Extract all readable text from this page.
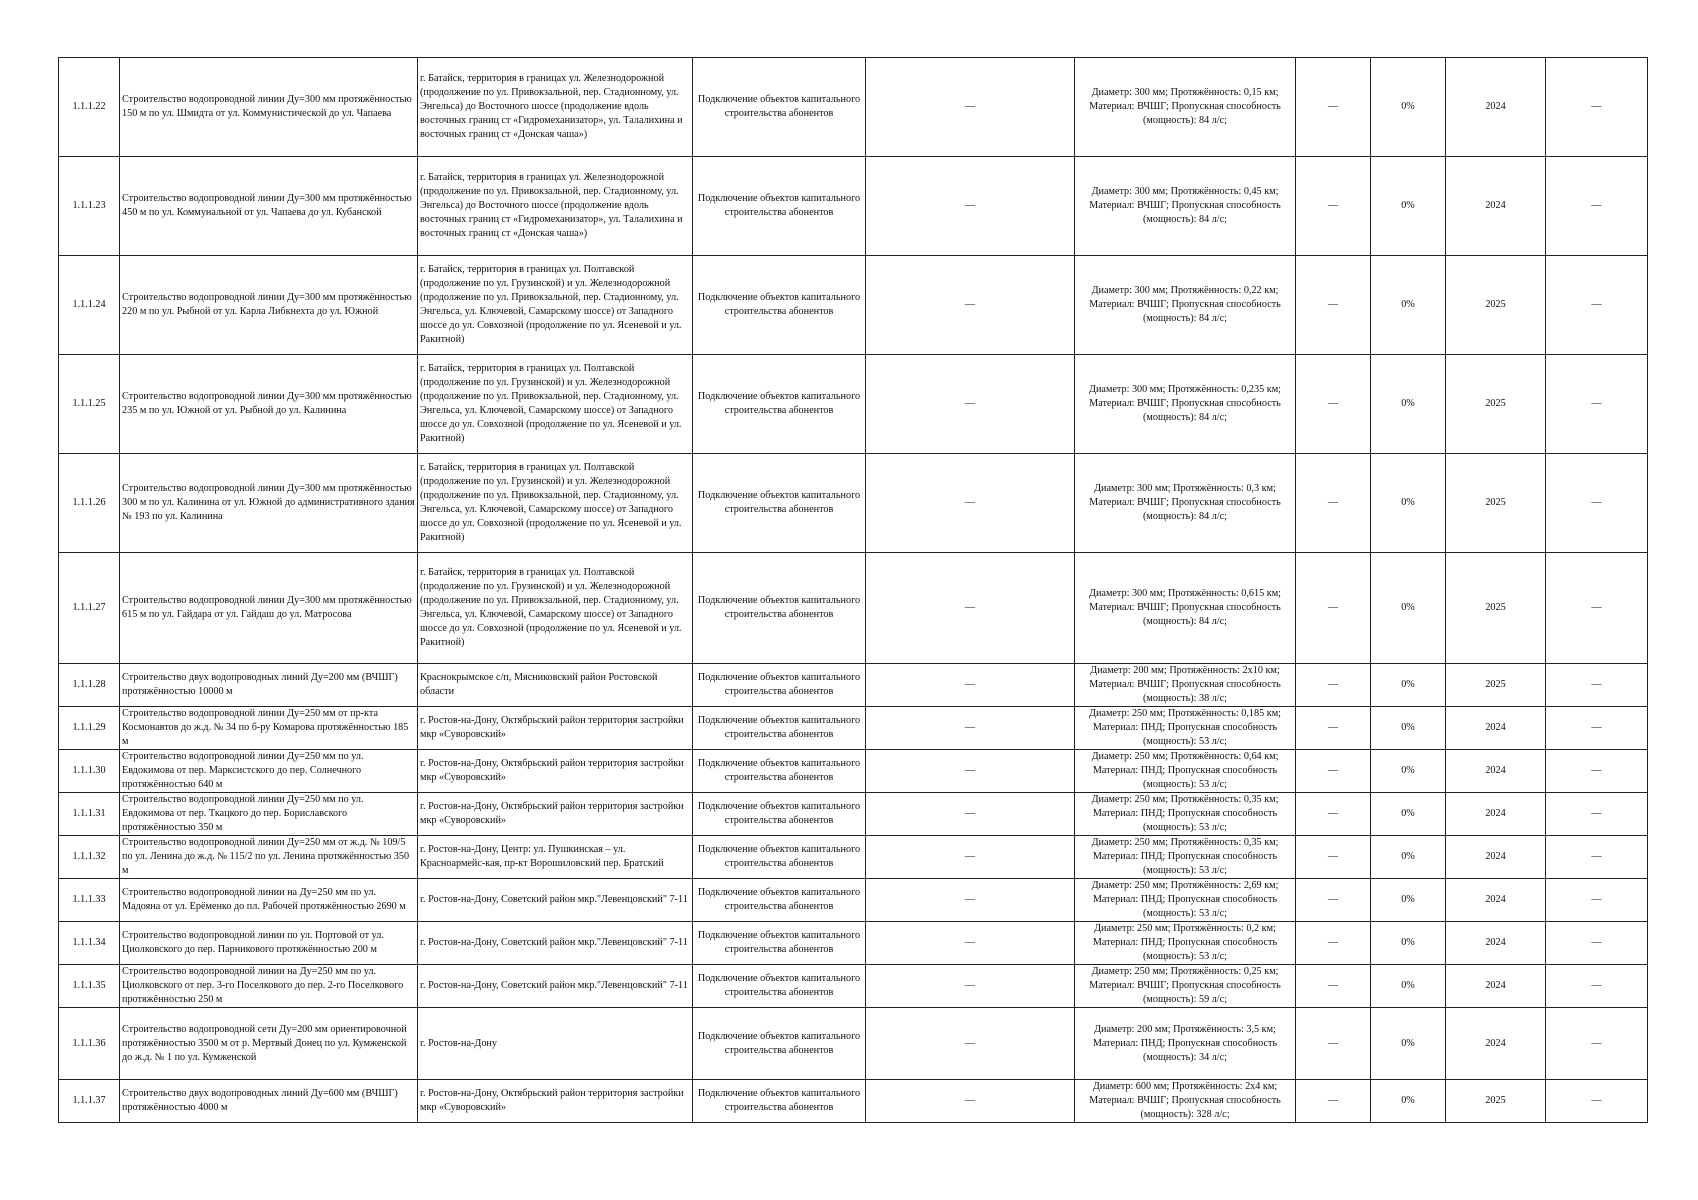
1.1.1.22	Строительство водопроводной линии Ду=300 мм протяжённостью 150 м по ул. Шмидта от ул. Коммунистической до ул. Чапаева	г. Батайск, территория в границах ул. Железнодорожной (продолжение по ул. Привокзальной, пер. Стадионному, ул. Энгельса) до Восточного шоссе (продолжение вдоль восточных границ ст «Гидромеханизатор», ул. Талалихина и восточных границ ст «Донская чаша»)	Подключение объектов капитального строительства абонентов	—	Диаметр: 300 мм; Протяжённость: 0,15 км; Материал: ВЧШГ; Пропускная способность (мощность): 84 л/с;	—	0%	2024	—

1.1.1.23	Строительство водопроводной линии Ду=300 мм протяжённостью 450 м по ул. Коммунальной от ул. Чапаева до ул. Кубанской	г. Батайск, территория в границах ул. Железнодорожной (продолжение по ул. Привокзальной, пер. Стадионному, ул. Энгельса) до Восточного шоссе (продолжение вдоль восточных границ ст «Гидромеханизатор», ул. Талалихина и восточных границ ст «Донская чаша»)	Подключение объектов капитального строительства абонентов	—	Диаметр: 300 мм; Протяжённость: 0,45 км; Материал: ВЧШГ; Пропускная способность (мощность): 84 л/с;	—	0%	2024	—

1.1.1.24	Строительство водопроводной линии Ду=300 мм протяжённостью 220 м по ул. Рыбной от ул. Карла Либкнехта до ул. Южной	г. Батайск, территория в границах ул. Полтавской (продолжение по ул. Грузинской) и ул. Железнодорожной (продолжение по ул. Привокзальной, пер. Стадионному, ул. Энгельса, ул. Ключевой, Самарскому шоссе) от Западного шоссе до ул. Совхозной (продолжение по ул. Ясеневой и ул. Ракитной)	Подключение объектов капитального строительства абонентов	—	Диаметр: 300 мм; Протяжённость: 0,22 км; Материал: ВЧШГ; Пропускная способность (мощность): 84 л/с;	—	0%	2025	—

1.1.1.25	Строительство водопроводной линии Ду=300 мм протяжённостью 235 м по ул. Южной от ул. Рыбной до ул. Калинина	г. Батайск, территория в границах ул. Полтавской (продолжение по ул. Грузинской) и ул. Железнодорожной (продолжение по ул. Привокзальной, пер. Стадионному, ул. Энгельса, ул. Ключевой, Самарскому шоссе) от Западного шоссе до ул. Совхозной (продолжение по ул. Ясеневой и ул. Ракитной)	Подключение объектов капитального строительства абонентов	—	Диаметр: 300 мм; Протяжённость: 0,235 км; Материал: ВЧШГ; Пропускная способность (мощность): 84 л/с;	—	0%	2025	—

1.1.1.26	Строительство водопроводной линии Ду=300 мм протяжённостью 300 м по ул. Калинина от ул. Южной до административного здания № 193 по ул. Калинина	г. Батайск, территория в границах ул. Полтавской (продолжение по ул. Грузинской) и ул. Железнодорожной (продолжение по ул. Привокзальной, пер. Стадионному, ул. Энгельса, ул. Ключевой, Самарскому шоссе) от Западного шоссе до ул. Совхозной (продолжение по ул. Ясеневой и ул. Ракитной)	Подключение объектов капитального строительства абонентов	—	Диаметр: 300 мм; Протяжённость: 0,3 км; Материал: ВЧШГ; Пропускная способность (мощность): 84 л/с;	—	0%	2025	—

1.1.1.27	Строительство водопроводной линии Ду=300 мм протяжённостью 615 м по ул. Гайдара от ул. Гайдаш до ул. Матросова	г. Батайск, территория в границах ул. Полтавской (продолжение по ул. Грузинской) и ул. Железнодорожной (продолжение по ул. Привокзальной, пер. Стадионному, ул. Энгельса, ул. Ключевой, Самарскому шоссе) от Западного шоссе до ул. Совхозной (продолжение по ул. Ясеневой и ул. Ракитной)	Подключение объектов капитального строительства абонентов	—	Диаметр: 300 мм; Протяжённость: 0,615 км; Материал: ВЧШГ; Пропускная способность (мощность): 84 л/с;	—	0%	2025	—

1.1.1.28	Строительство двух водопроводных линий Ду=200 мм (ВЧШГ) протяжённостью 10000 м	Краснокрымское с/п, Мясниковский район Ростовской области	Подключение объектов капитального строительства абонентов	—	Диаметр: 200 мм; Протяжённость: 2х10 км; Материал: ВЧШГ; Пропускная способность (мощность): 38 л/с;	—	0%	2025	—

1.1.1.29	Строительство водопроводной линии Ду=250 мм от пр-кта Космонавтов до ж.д. № 34 по б-ру Комарова протяжённостью 185 м	г. Ростов-на-Дону, Октябрьский район территория застройки мкр «Суворовский»	Подключение объектов капитального строительства абонентов	—	Диаметр: 250 мм; Протяжённость: 0,185 км; Материал: ПНД; Пропускная способность (мощность): 53 л/с;	—	0%	2024	—

1.1.1.30	Строительство водопроводной линии Ду=250 мм по ул. Евдокимова от пер. Марксистского до пер. Солнечного протяжённостью 640 м	г. Ростов-на-Дону, Октябрьский район территория застройки мкр «Суворовский»	Подключение объектов капитального строительства абонентов	—	Диаметр: 250 мм; Протяжённость: 0,64 км; Материал: ПНД; Пропускная способность (мощность): 53 л/с;	—	0%	2024	—

1.1.1.31	Строительство водопроводной линии Ду=250 мм по ул. Евдокимова от пер. Ткацкого до пер. Бориславского протяжённостью 350 м	г. Ростов-на-Дону, Октябрьский район территория застройки мкр «Суворовский»	Подключение объектов капитального строительства абонентов	—	Диаметр: 250 мм; Протяжённость: 0,35 км; Материал: ПНД; Пропускная способность (мощность): 53 л/с;	—	0%	2024	—

1.1.1.32	Строительство водопроводной линии Ду=250 мм от ж.д. № 109/5 по ул. Ленина до ж.д. № 115/2 по ул. Ленина протяжённостью 350 м	г. Ростов-на-Дону, Центр: ул. Пушкинская – ул. Красноармейс-кая, пр-кт Ворошиловский пер. Братский	Подключение объектов капитального строительства абонентов	—	Диаметр: 250 мм; Протяжённость: 0,35 км; Материал: ПНД; Пропускная способность (мощность): 53 л/с;	—	0%	2024	—

1.1.1.33	Строительство водопроводной линии на Ду=250 мм по ул. Мадояна от ул. Ерёменко до пл. Рабочей протяжённостью 2690 м	г. Ростов-на-Дону, Советский район мкр."Левенцовский" 7-11	Подключение объектов капитального строительства абонентов	—	Диаметр: 250 мм; Протяжённость: 2,69 км; Материал: ПНД; Пропускная способность (мощность): 53 л/с;	—	0%	2024	—

1.1.1.34	Строительство водопроводной линии по ул. Портовой от ул. Циолковского до пер. Парникового протяжённостью 200 м	г. Ростов-на-Дону, Советский район мкр."Левенцовский" 7-11	Подключение объектов капитального строительства абонентов	—	Диаметр: 250 мм; Протяжённость: 0,2 км; Материал: ПНД; Пропускная способность (мощность): 53 л/с;	—	0%	2024	—

1.1.1.35	Строительство водопроводной линии на Ду=250 мм по ул. Циолковского от пер. 3-го Поселкового до пер. 2-го Поселкового протяжённостью 250 м	г. Ростов-на-Дону, Советский район мкр."Левенцовский" 7-11	Подключение объектов капитального строительства абонентов	—	Диаметр: 250 мм; Протяжённость: 0,25 км; Материал: ВЧШГ; Пропускная способность (мощность): 59 л/с;	—	0%	2024	—

1.1.1.36	Строительство водопроводной сети Ду=200 мм ориентировочной протяжённостью 3500 м от р. Мертвый Донец по ул. Кумженской до ж.д. № 1 по ул. Кумженской	г. Ростов-на-Дону	Подключение объектов капитального строительства абонентов	—	Диаметр: 200 мм; Протяжённость: 3,5 км; Материал: ПНД; Пропускная способность (мощность): 34 л/с;	—	0%	2024	—

1.1.1.37	Строительство двух водопроводных линий Ду=600 мм (ВЧШГ) протяжённостью 4000 м	г. Ростов-на-Дону, Октябрьский район территория застройки мкр «Суворовский»	Подключение объектов капитального строительства абонентов	—	Диаметр: 600 мм; Протяжённость: 2х4 км; Материал: ВЧШГ; Пропускная способность (мощность): 328 л/с;	—	0%	2025	—
